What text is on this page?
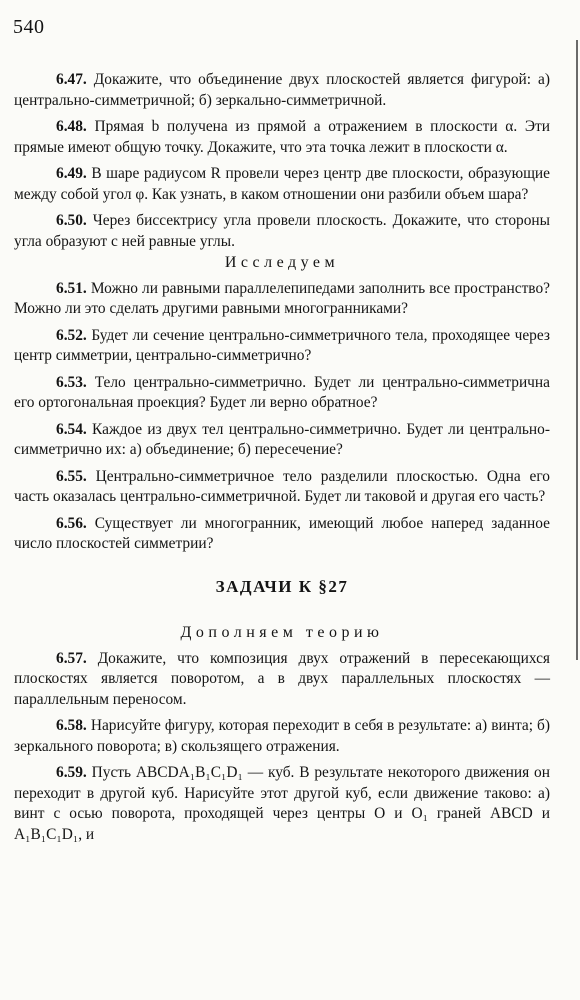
540
6.47. Докажите, что объединение двух плоскостей является фигурой: а) центрально-симметричной; б) зеркально-симметричной.
6.48. Прямая b получена из прямой a отражением в плоскости α. Эти прямые имеют общую точку. Докажите, что эта точка лежит в плоскости α.
6.49. В шаре радиусом R провели через центр две плоскости, образующие между собой угол φ. Как узнать, в каком отношении они разбили объем шара?
6.50. Через биссектрису угла провели плоскость. Докажите, что стороны угла образуют с ней равные углы.
Исследуем
6.51. Можно ли равными параллелепипедами заполнить все пространство? Можно ли это сделать другими равными многогранниками?
6.52. Будет ли сечение центрально-симметричного тела, проходящее через центр симметрии, центрально-симметрично?
6.53. Тело центрально-симметрично. Будет ли центрально-симметрична его ортогональная проекция? Будет ли верно обратное?
6.54. Каждое из двух тел центрально-симметрично. Будет ли центрально-симметрично их: а) объединение; б) пересечение?
6.55. Центрально-симметричное тело разделили плоскостью. Одна его часть оказалась центрально-симметричной. Будет ли таковой и другая его часть?
6.56. Существует ли многогранник, имеющий любое наперед заданное число плоскостей симметрии?
ЗАДАЧИ К §27
Дополняем теорию
6.57. Докажите, что композиция двух отражений в пересекающихся плоскостях является поворотом, а в двух параллельных плоскостях — параллельным переносом.
6.58. Нарисуйте фигуру, которая переходит в себя в результате: а) винта; б) зеркального поворота; в) скользящего отражения.
6.59. Пусть ABCDA₁B₁C₁D₁ — куб. В результате некоторого движения он переходит в другой куб. Нарисуйте этот другой куб, если движение таково: а) винт с осью поворота, проходящей через центры O и O₁ граней ABCD и A₁B₁C₁D₁, и
